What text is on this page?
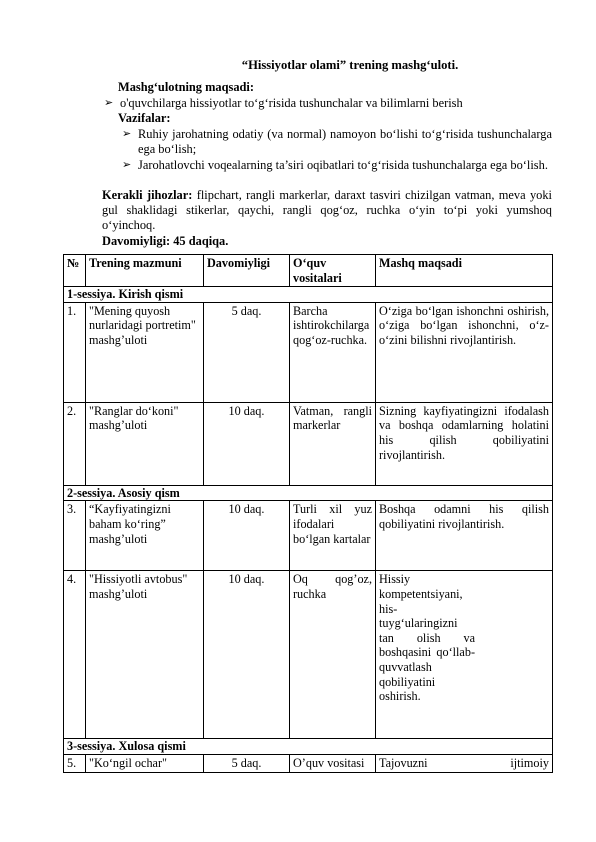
“Hissiyotlar olami” trening mashg‘uloti.
Mashg‘ulotning maqsadi:
➢ o'quvchilarga hissiyotlar to‘g‘risida tushunchalar va bilimlarni berish
Vazifalar:
➢ Ruhiy jarohatning odatiy (va normal) namoyon bo‘lishi to‘g‘risida tushunchalarga ega bo‘lish;
➢ Jarohatlovchi voqealarning ta’siri oqibatlari to‘g‘risida tushunchalarga ega bo‘lish.
Kerakli jihozlar: flipchart, rangli markerlar, daraxt tasviri chizilgan vatman, meva yoki gul shaklidagi stikerlar, qaychi, rangli qog‘oz, ruchka o‘yin to‘pi yoki yumshoq o‘yinchoq.
Davomiyligi: 45 daqiqa.
№	Trening mazmuni	Davomiyligi	O‘quv vositalari	Mashq maqsadi
1-sessiya. Kirish qismi				
1.	"Mening quyosh nurlaridagi portretim" mashg’uloti	5 daq.	Barcha ishtirokchilarga qog‘oz-ruchka.	O‘ziga bo‘lgan ishonchni oshirish, o‘ziga bo‘lgan ishonchni, o‘z-o‘zini bilishni rivojlantirish.
2.	"Ranglar do‘koni" mashg’uloti	10 daq.	Vatman, rangli markerlar	Sizning kayfiyatingizni ifodalash va boshqa odamlarning holatini his qilish qobiliyatini rivojlantirish.
2-sessiya. Asosiy qism				
3.	“Kayfiyatingizni baham ko‘ring” mashg’uloti	10 daq.	Turli xil yuz ifodalari bo‘lgan kartalar	Boshqa odamni his qilish qobiliyatini rivojlantirish.
4.	"Hissiyotli avtobus" mashg’uloti	10 daq.	Oq qog’oz, ruchka	Hissiy kompetentsiyani, his-tuyg‘ularingizni tan olish va boshqasini qo‘llab-quvvatlash qobiliyatini oshirish.

3-sessiya. Xulosa qismi				
5.	"Ko‘ngil ochar"	5 daq.	O’quv vositasi	Tajovuzni ijtimoiy
